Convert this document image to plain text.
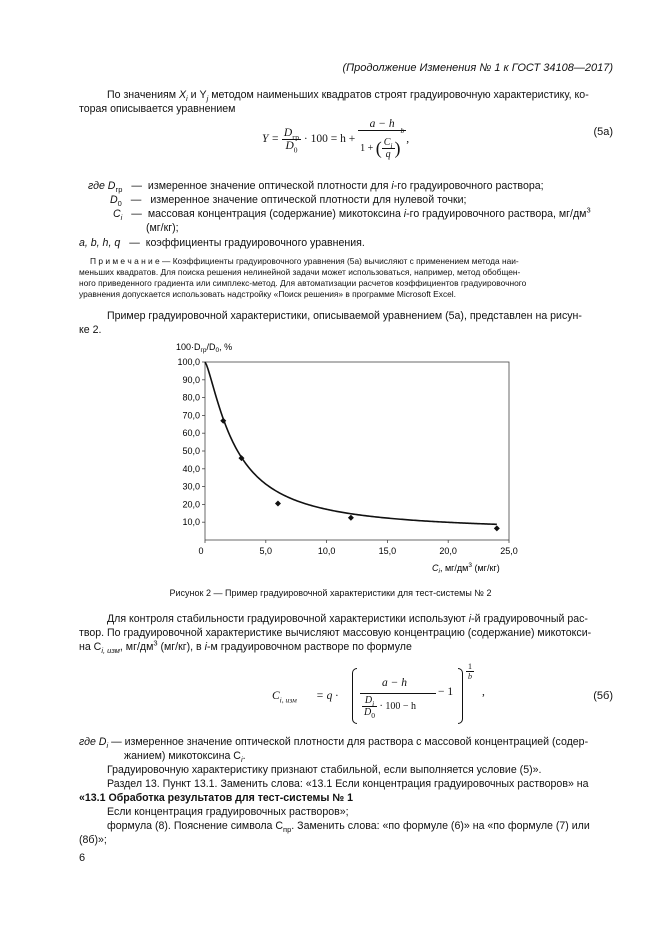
(Продолжение Изменения № 1 к ГОСТ 34108—2017)
По значениям $X_i$ и $Y_j$ методом наименьших квадратов строят градуировочную характеристику, ко-
торая описывается уравнением
$Y = \frac{D_{гр}}{D_0} \cdot 100 = h + \frac{a - h}{1 + ( \frac{C_i}{q} )^b}$ ,
(5а)
где $D_{гр}$ — измеренное значение оптической плотности для i-го градуировочного раствора;
$D_0$ — измеренное значение оптической плотности для нулевой точки;
$C_i$ — массовая концентрация (содержание) микотоксина i-го градуировочного раствора, $мг/дм^3$
(мг/кг);
a, b, h, q — коэффициенты градуировочного уравнения.
П р и м е ч а н и е — Коэффициенты градуировочного уравнения (5а) вычисляют с применением метода наи-
меньших квадратов. Для поиска решения нелинейной задачи может использоваться, например, метод обобщен-
ного приведенного градиента или симплекс-метод. Для автоматизации расчетов коэффициентов градуировочного
уравнения допускается использовать надстройку «Поиск решения» в программе Microsoft Excel.
Пример градуировочной характеристики, описываемой уравнением (5а), представлен на рисун-
ке 2.
$100\cdot D_{гр}/D_0$, %
10,0
20,0
30,0
40,0
50,0
60,0
70,0
80,0
90,0
100,0
0	5,0	10,0	15,0	20,0	25,0
$C_i$, $мг/дм^3$ (мг/кг)
Рисунок 2 — Пример градуировочной характеристики для тест-системы № 2
Для контроля стабильности градуировочной характеристики используют i-й градуировочный рас-
твор. По градуировочной характеристике вычисляют массовую концентрацию (содержание) микотокси-
на $C_{i, изм}$, $мг/дм^3$ (мг/кг), в i-м градуировочном растворе по формуле
$C_{i, изм} = q$ ·
a − h
$\frac{D_i}{D_0} \cdot 100 - h$
− 1
$\frac{1}{b}$
,	(5б)
где $D_i$ — измеренное значение оптической плотности для раствора с массовой концентрацией (содер-
жанием) микотоксина $C_i$.
Градуировочную характеристику признают стабильной, если выполняется условие (5)».
Раздел 13. Пункт 13.1. Заменить слова: «13.1 Если концентрация градуировочных растворов» на
«13.1 Обработка результатов для тест-системы № 1
Если концентрация градуировочных растворов»;
формула (8). Пояснение символа $C_{пр}$. Заменить слова: «по формуле (6)» на «по формуле (7) или
(8б)»;
6
